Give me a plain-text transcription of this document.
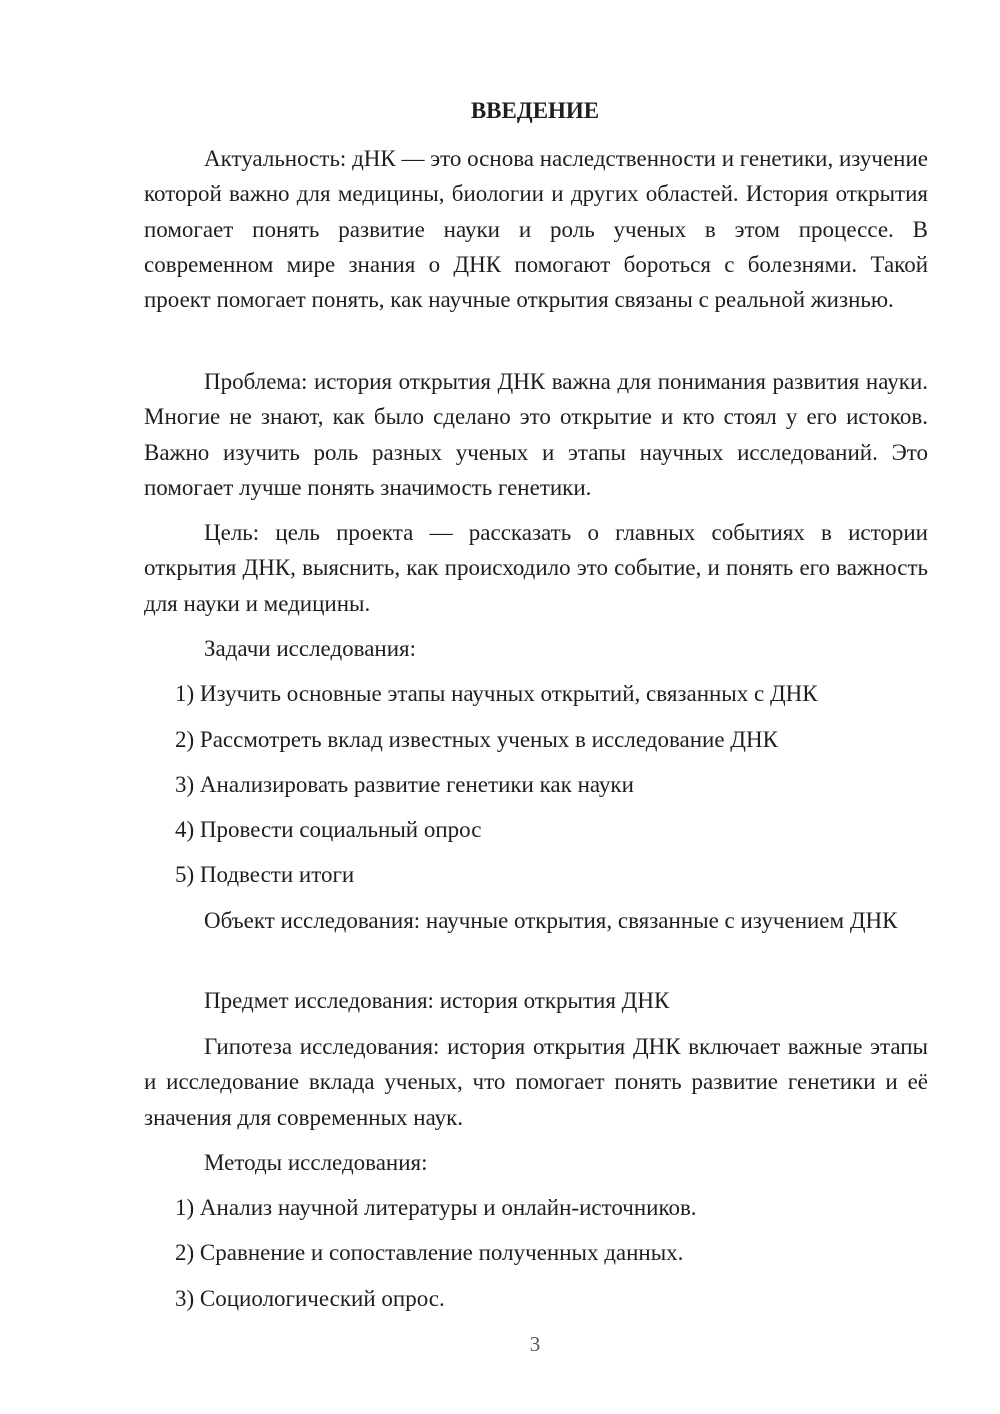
ВВЕДЕНИЕ

Актуальность: дНК — это основа наследственности и генетики, изучение которой важно для медицины, биологии и других областей. История открытия помогает понять развитие науки и роль ученых в этом процессе. В современном мире знания о ДНК помогают бороться с болезнями. Такой проект помогает понять, как научные открытия связаны с реальной жизнью.

Проблема: история открытия ДНК важна для понимания развития науки. Многие не знают, как было сделано это открытие и кто стоял у его истоков. Важно изучить роль разных ученых и этапы научных исследований. Это помогает лучше понять значимость генетики.

Цель: цель проекта — рассказать о главных событиях в истории открытия ДНК, выяснить, как происходило это событие, и понять его важность для науки и медицины.

Задачи исследования:

1) Изучить основные этапы научных открытий, связанных с ДНК

2) Рассмотреть вклад известных ученых в исследование ДНК

3) Анализировать развитие генетики как науки

4) Провести социальный опрос

5) Подвести итоги

Объект исследования: научные открытия, связанные с изучением ДНК

Предмет исследования: история открытия ДНК

Гипотеза исследования: история открытия ДНК включает важные этапы и исследование вклада ученых, что помогает понять развитие генетики и её значения для современных наук.

Методы исследования:

1) Анализ научной литературы и онлайн-источников.

2) Сравнение и сопоставление полученных данных.

3) Социологический опрос.

3
